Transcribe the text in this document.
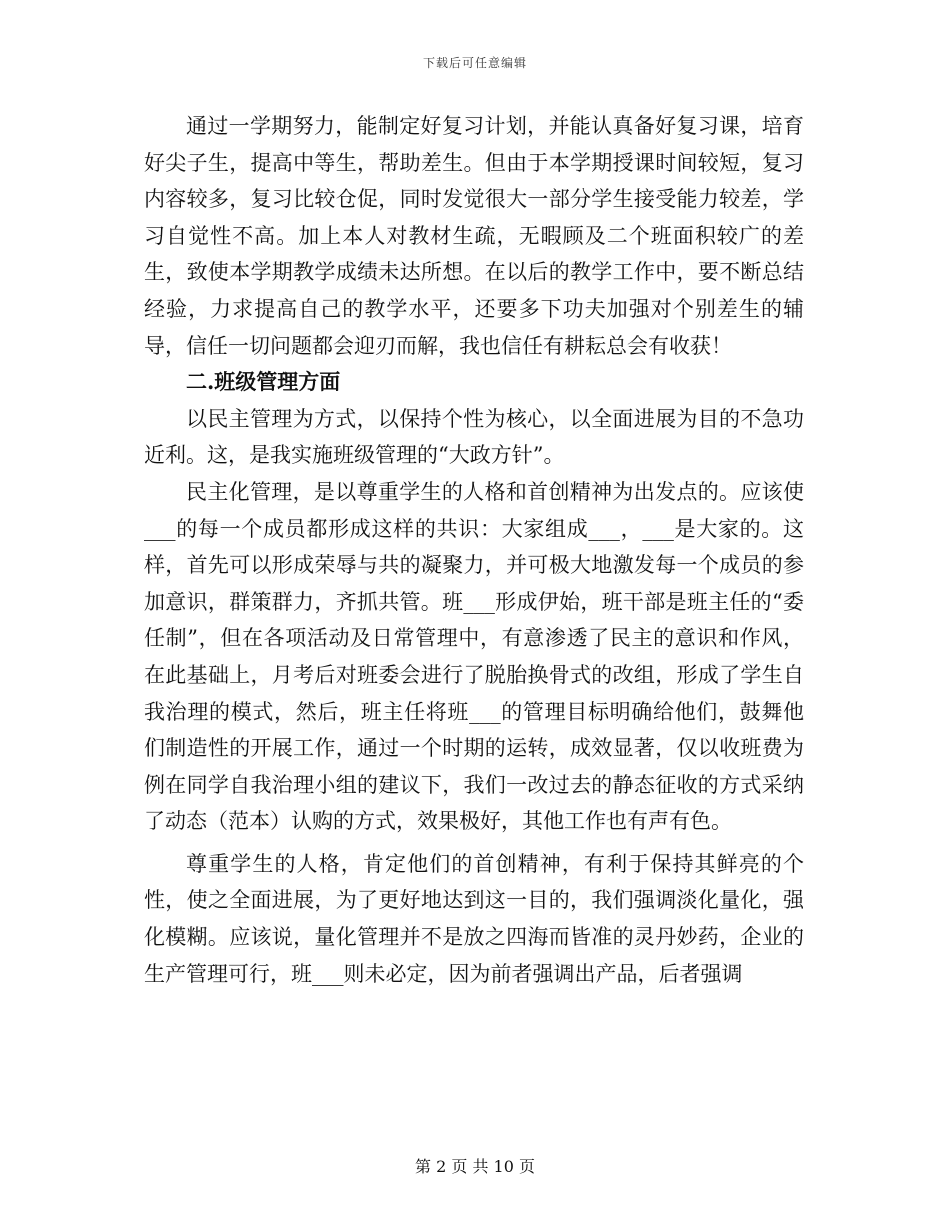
下载后可任意编辑

通过一学期努力，能制定好复习计划，并能认真备好复习课，培育好尖子生，提高中等生，帮助差生。但由于本学期授课时间较短，复习内容较多，复习比较仓促，同时发觉很大一部分学生接受能力较差，学习自觉性不高。加上本人对教材生疏，无暇顾及二个班面积较广的差生，致使本学期教学成绩未达所想。在以后的教学工作中，要不断总结经验，力求提高自己的教学水平，还要多下功夫加强对个别差生的辅导，信任一切问题都会迎刃而解，我也信任有耕耘总会有收获！

二.班级管理方面

以民主管理为方式，以保持个性为核心，以全面进展为目的不急功近利。这，是我实施班级管理的“大政方针”。

民主化管理，是以尊重学生的人格和首创精神为出发点的。应该使___的每一个成员都形成这样的共识：大家组成___，___是大家的。这样，首先可以形成荣辱与共的凝聚力，并可极大地激发每一个成员的参加意识，群策群力，齐抓共管。班___形成伊始，班干部是班主任的“委任制”，但在各项活动及日常管理中，有意渗透了民主的意识和作风，在此基础上，月考后对班委会进行了脱胎换骨式的改组，形成了学生自我治理的模式，然后，班主任将班___的管理目标明确给他们，鼓舞他们制造性的开展工作，通过一个时期的运转，成效显著，仅以收班费为例在同学自我治理小组的建议下，我们一改过去的静态征收的方式采纳了动态（范本）认购的方式，效果极好，其他工作也有声有色。

尊重学生的人格，肯定他们的首创精神，有利于保持其鲜亮的个性，使之全面进展，为了更好地达到这一目的，我们强调淡化量化，强化模糊。应该说，量化管理并不是放之四海而皆准的灵丹妙药，企业的生产管理可行，班___则未必定，因为前者强调出产品，后者强调

第 2 页 共 10 页
